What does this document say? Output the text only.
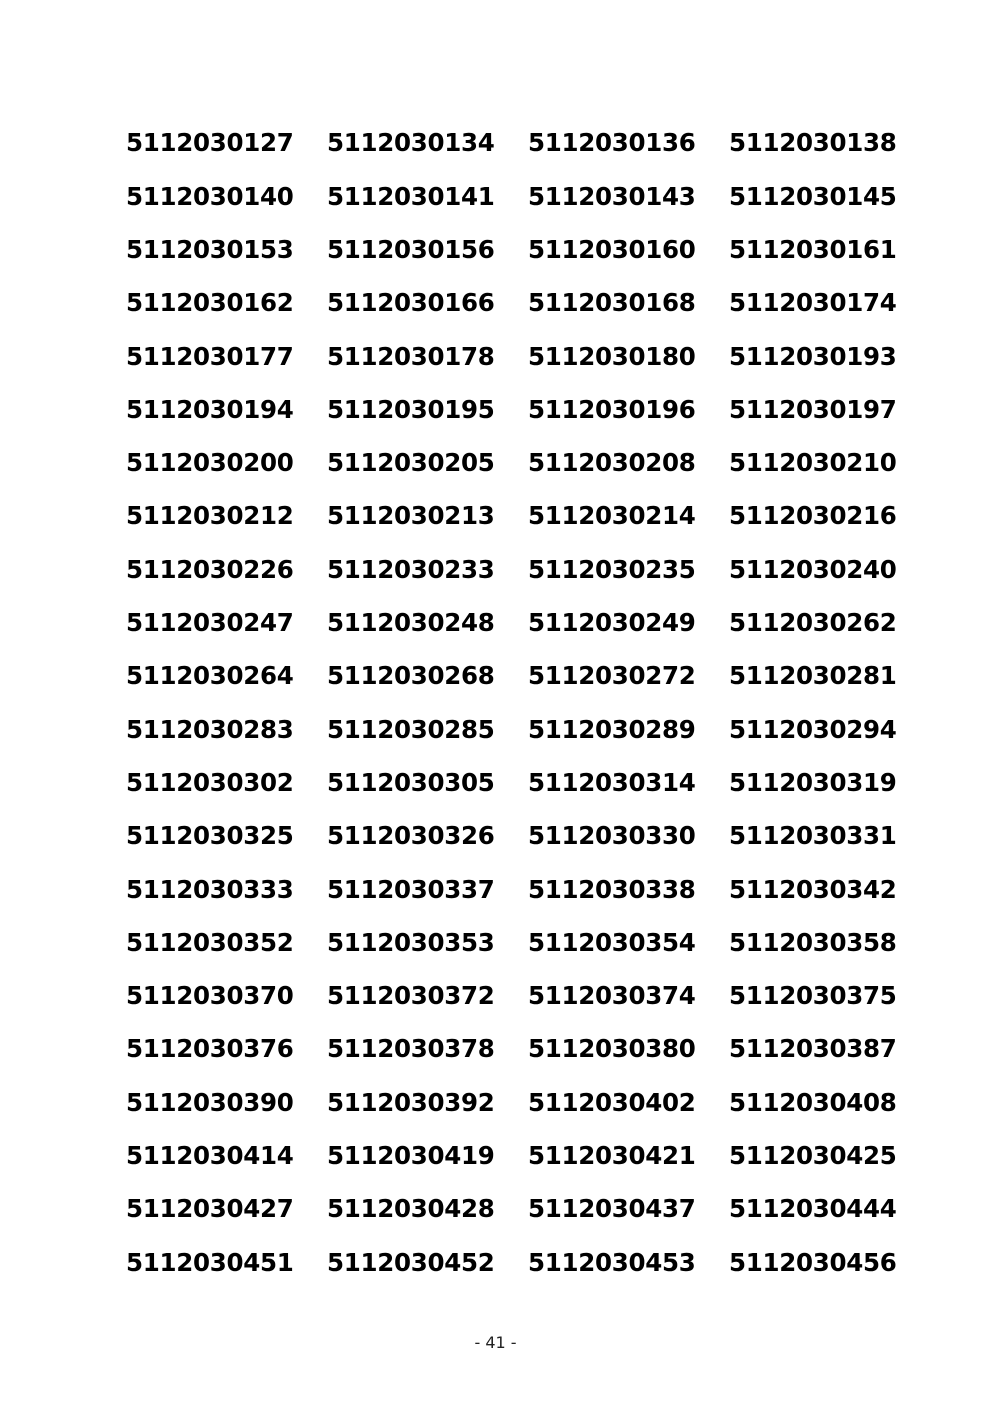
5112030127	5112030134	5112030136	5112030138
5112030140	5112030141	5112030143	5112030145
5112030153	5112030156	5112030160	5112030161
5112030162	5112030166	5112030168	5112030174
5112030177	5112030178	5112030180	5112030193
5112030194	5112030195	5112030196	5112030197
5112030200	5112030205	5112030208	5112030210
5112030212	5112030213	5112030214	5112030216
5112030226	5112030233	5112030235	5112030240
5112030247	5112030248	5112030249	5112030262
5112030264	5112030268	5112030272	5112030281
5112030283	5112030285	5112030289	5112030294
5112030302	5112030305	5112030314	5112030319
5112030325	5112030326	5112030330	5112030331
5112030333	5112030337	5112030338	5112030342
5112030352	5112030353	5112030354	5112030358
5112030370	5112030372	5112030374	5112030375
5112030376	5112030378	5112030380	5112030387
5112030390	5112030392	5112030402	5112030408
5112030414	5112030419	5112030421	5112030425
5112030427	5112030428	5112030437	5112030444
5112030451	5112030452	5112030453	5112030456
- 41 -
